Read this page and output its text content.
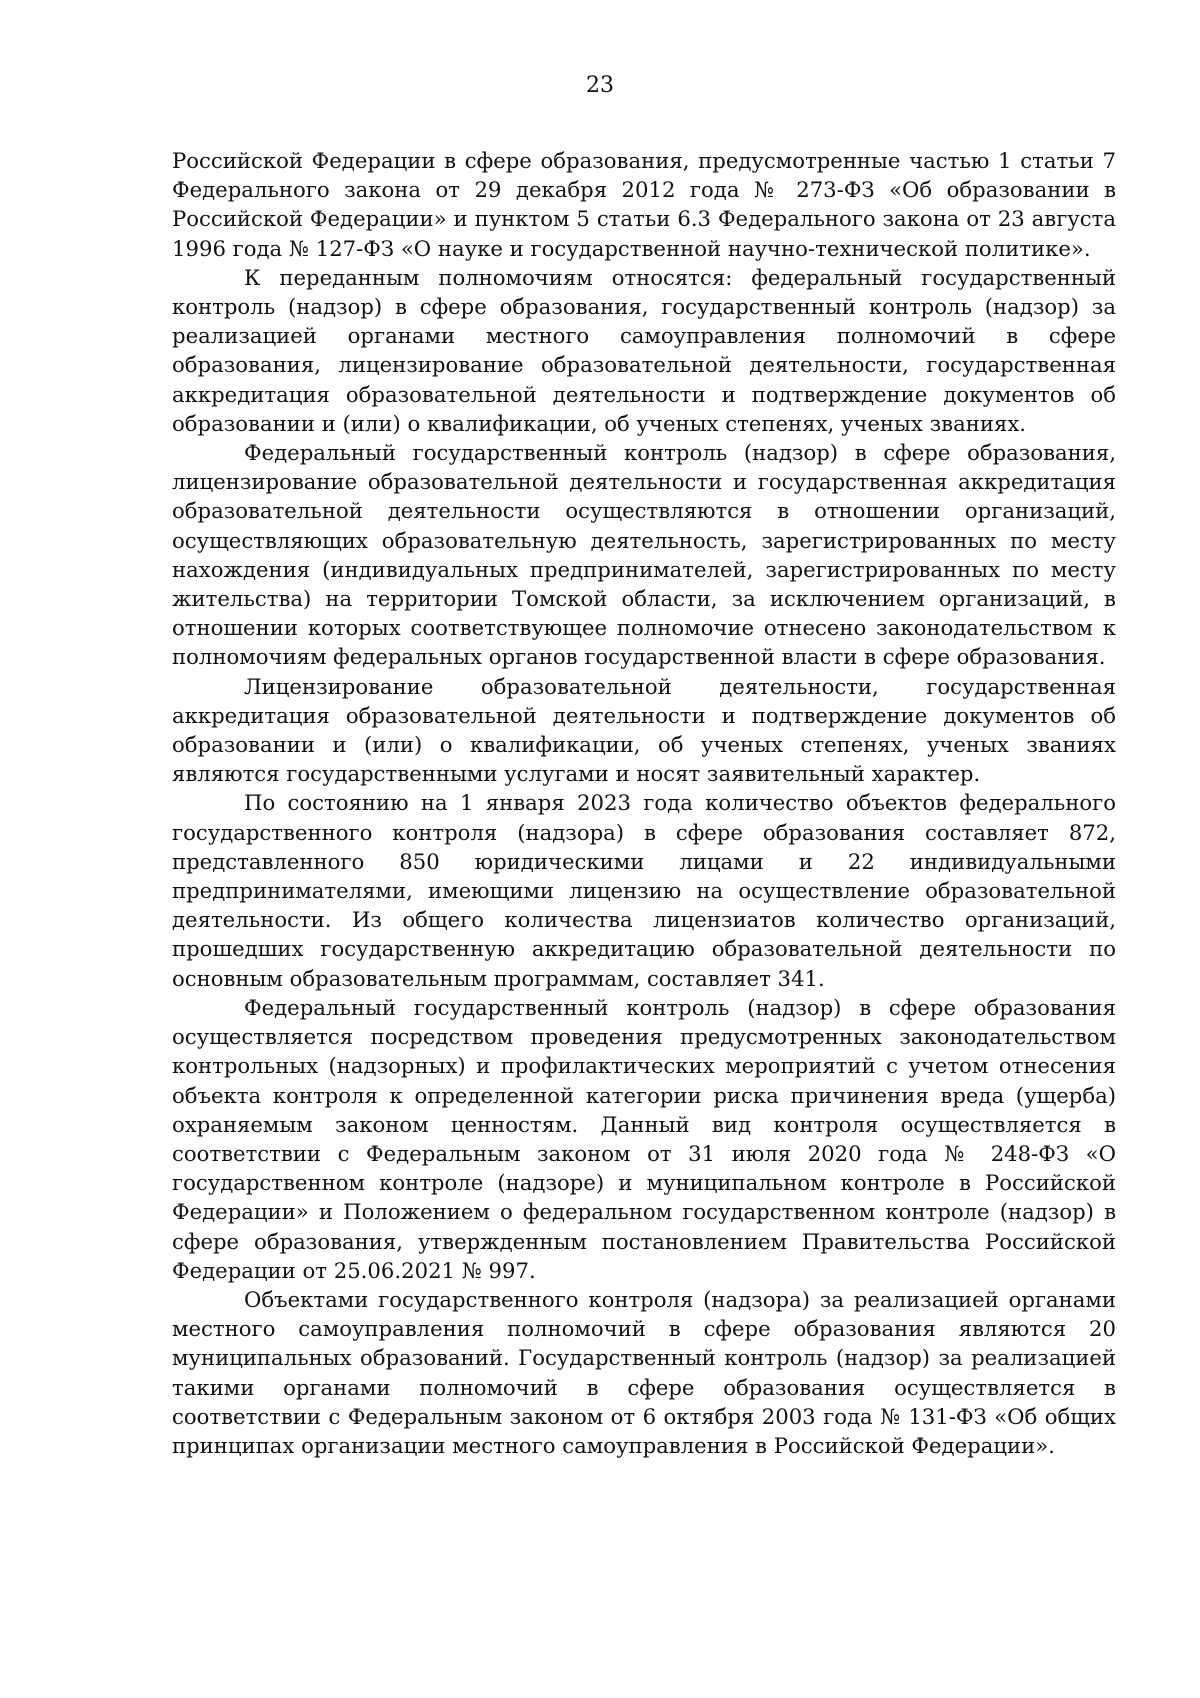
23

Российской Федерации в сфере образования, предусмотренные частью 1 статьи 7 Федерального закона от 29 декабря 2012 года № 273-ФЗ «Об образовании в Российской Федерации» и пунктом 5 статьи 6.3 Федерального закона от 23 августа 1996 года № 127-ФЗ «О науке и государственной научно-технической политике».

К переданным полномочиям относятся: федеральный государственный контроль (надзор) в сфере образования, государственный контроль (надзор) за реализацией органами местного самоуправления полномочий в сфере образования, лицензирование образовательной деятельности, государственная аккредитация образовательной деятельности и подтверждение документов об образовании и (или) о квалификации, об ученых степенях, ученых званиях.

Федеральный государственный контроль (надзор) в сфере образования, лицензирование образовательной деятельности и государственная аккредитация образовательной деятельности осуществляются в отношении организаций, осуществляющих образовательную деятельность, зарегистрированных по месту нахождения (индивидуальных предпринимателей, зарегистрированных по месту жительства) на территории Томской области, за исключением организаций, в отношении которых соответствующее полномочие отнесено законодательством к полномочиям федеральных органов государственной власти в сфере образования.

Лицензирование образовательной деятельности, государственная аккредитация образовательной деятельности и подтверждение документов об образовании и (или) о квалификации, об ученых степенях, ученых званиях являются государственными услугами и носят заявительный характер.

По состоянию на 1 января 2023 года количество объектов федерального государственного контроля (надзора) в сфере образования составляет 872, представленного 850 юридическими лицами и 22 индивидуальными предпринимателями, имеющими лицензию на осуществление образовательной деятельности. Из общего количества лицензиатов количество организаций, прошедших государственную аккредитацию образовательной деятельности по основным образовательным программам, составляет 341.

Федеральный государственный контроль (надзор) в сфере образования осуществляется посредством проведения предусмотренных законодательством контрольных (надзорных) и профилактических мероприятий с учетом отнесения объекта контроля к определенной категории риска причинения вреда (ущерба) охраняемым законом ценностям. Данный вид контроля осуществляется в соответствии с Федеральным законом от 31 июля 2020 года № 248-ФЗ «О государственном контроле (надзоре) и муниципальном контроле в Российской Федерации» и Положением о федеральном государственном контроле (надзор) в сфере образования, утвержденным постановлением Правительства Российской Федерации от 25.06.2021 № 997.

Объектами государственного контроля (надзора) за реализацией органами местного самоуправления полномочий в сфере образования являются 20 муниципальных образований. Государственный контроль (надзор) за реализацией такими органами полномочий в сфере образования осуществляется в соответствии с Федеральным законом от 6 октября 2003 года № 131-ФЗ «Об общих принципах организации местного самоуправления в Российской Федерации».
